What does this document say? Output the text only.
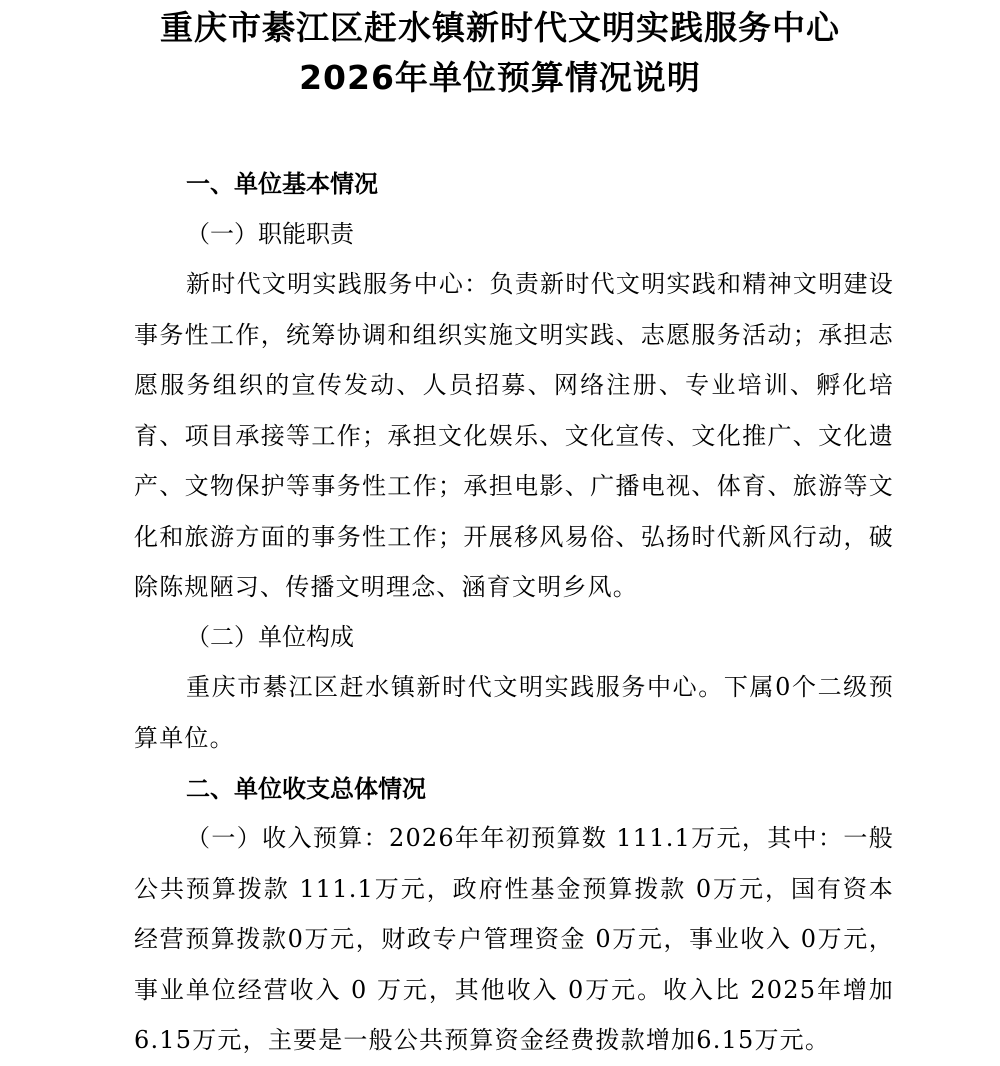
重庆市綦江区赶水镇新时代文明实践服务中心
2026年单位预算情况说明
一、单位基本情况
（一）职能职责
新时代文明实践服务中心：负责新时代文明实践和精神文明建设事务性工作，统筹协调和组织实施文明实践、志愿服务活动；承担志愿服务组织的宣传发动、人员招募、网络注册、专业培训、孵化培育、项目承接等工作；承担文化娱乐、文化宣传、文化推广、文化遗产、文物保护等事务性工作；承担电影、广播电视、体育、旅游等文化和旅游方面的事务性工作；开展移风易俗、弘扬时代新风行动，破除陈规陋习、传播文明理念、涵育文明乡风。
（二）单位构成
重庆市綦江区赶水镇新时代文明实践服务中心。下属0个二级预算单位。
二、单位收支总体情况
（一）收入预算：2026年年初预算数 111.1万元，其中：一般公共预算拨款 111.1万元，政府性基金预算拨款 0万元，国有资本经营预算拨款0万元，财政专户管理资金 0万元，事业收入 0万元，事业单位经营收入 0 万元，其他收入 0万元。收入比 2025年增加6.15万元，主要是一般公共预算资金经费拨款增加6.15万元。
